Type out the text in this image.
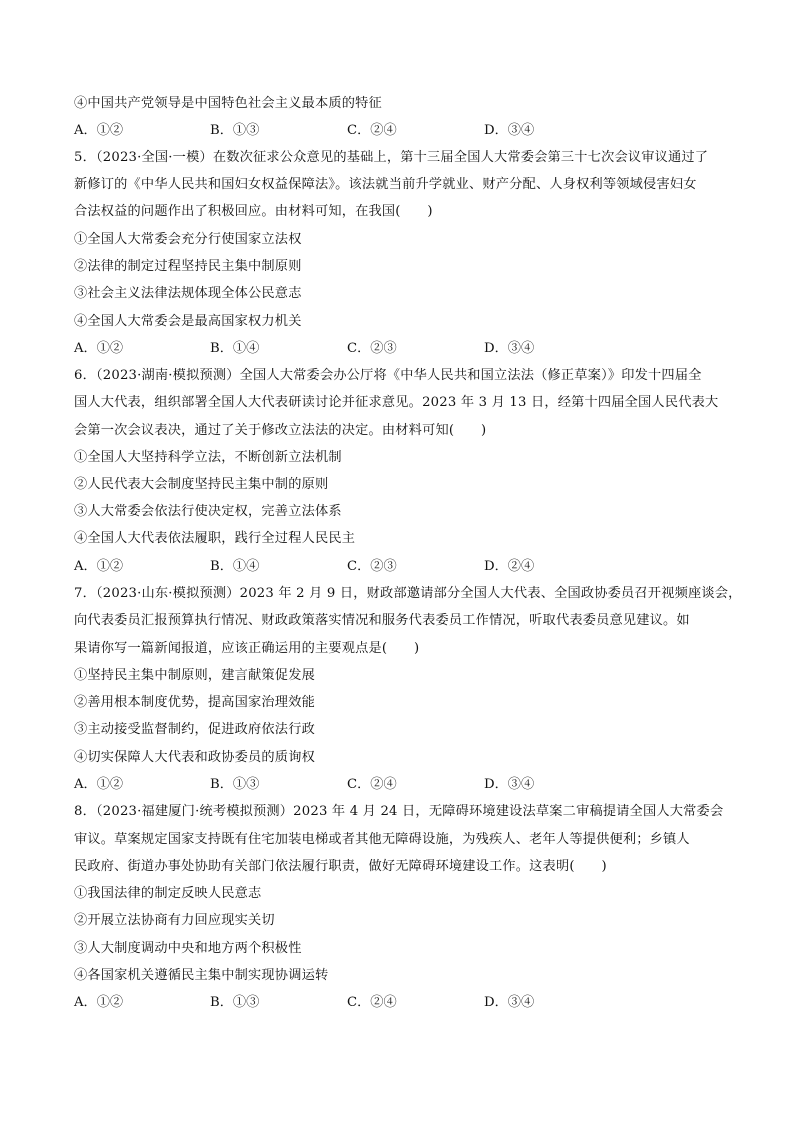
④中国共产党领导是中国特色社会主义最本质的特征
A．①②	B．①③	C．②④	D．③④
5．（2023·全国·一模）在数次征求公众意见的基础上，第十三届全国人大常委会第三十七次会议审议通过了
新修订的《中华人民共和国妇女权益保障法》。该法就当前升学就业、财产分配、人身权利等领域侵害妇女
合法权益的问题作出了积极回应。由材料可知，在我国(　　)
①全国人大常委会充分行使国家立法权
②法律的制定过程坚持民主集中制原则
③社会主义法律法规体现全体公民意志
④全国人大常委会是最高国家权力机关
A．①②	B．①④	C．②③	D．③④
6．（2023·湖南·模拟预测）全国人大常委会办公厅将《中华人民共和国立法法（修正草案）》印发十四届全
国人大代表，组织部署全国人大代表研读讨论并征求意见。2023 年 3 月 13 日，经第十四届全国人民代表大
会第一次会议表决，通过了关于修改立法法的决定。由材料可知(　　)
①全国人大坚持科学立法，不断创新立法机制
②人民代表大会制度坚持民主集中制的原则
③人大常委会依法行使决定权，完善立法体系
④全国人大代表依法履职，践行全过程人民民主
A．①②	B．①④	C．②③	D．②④
7．（2023·山东·模拟预测）2023 年 2 月 9 日，财政部邀请部分全国人大代表、全国政协委员召开视频座谈会，
向代表委员汇报预算执行情况、财政政策落实情况和服务代表委员工作情况，听取代表委员意见建议。如
果请你写一篇新闻报道，应该正确运用的主要观点是(　　)
①坚持民主集中制原则，建言献策促发展
②善用根本制度优势，提高国家治理效能
③主动接受监督制约，促进政府依法行政
④切实保障人大代表和政协委员的质询权
A．①②	B．①③	C．②④	D．③④
8．（2023·福建厦门·统考模拟预测）2023 年 4 月 24 日，无障碍环境建设法草案二审稿提请全国人大常委会
审议。草案规定国家支持既有住宅加装电梯或者其他无障碍设施，为残疾人、老年人等提供便利；乡镇人
民政府、街道办事处协助有关部门依法履行职责，做好无障碍环境建设工作。这表明(　　)
①我国法律的制定反映人民意志
②开展立法协商有力回应现实关切
③人大制度调动中央和地方两个积极性
④各国家机关遵循民主集中制实现协调运转
A．①②	B．①③	C．②④	D．③④
